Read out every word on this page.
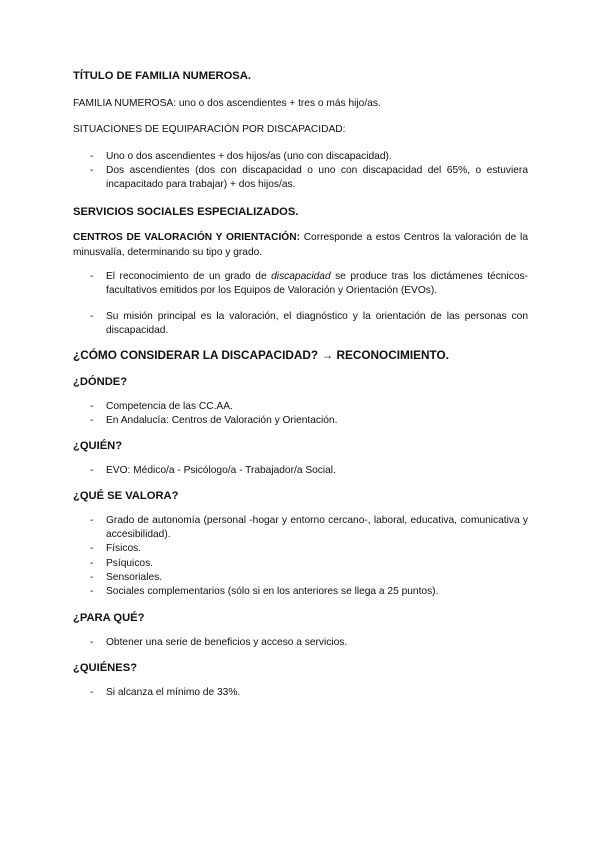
TÍTULO DE FAMILIA NUMEROSA.

FAMILIA NUMEROSA: uno o dos ascendientes + tres o más hijo/as.

SITUACIONES DE EQUIPARACIÓN POR DISCAPACIDAD:

- Uno o dos ascendientes + dos hijos/as (uno con discapacidad).
- Dos ascendientes (dos con discapacidad o uno con discapacidad del 65%, o estuviera incapacitado para trabajar) + dos hijos/as.

SERVICIOS SOCIALES ESPECIALIZADOS.

CENTROS DE VALORACIÓN Y ORIENTACIÓN: Corresponde a estos Centros la valoración de la minusvalía, determinando su tipo y grado.

- El reconocimiento de un grado de discapacidad se produce tras los dictámenes técnicos-facultativos emitidos por los Equipos de Valoración y Orientación (EVOs).
- Su misión principal es la valoración, el diagnóstico y la orientación de las personas con discapacidad.

¿CÓMO CONSIDERAR LA DISCAPACIDAD? → RECONOCIMIENTO.

¿DÓNDE?

- Competencia de las CC.AA.
- En Andalucía: Centros de Valoración y Orientación.

¿QUIÉN?

- EVO: Médico/a - Psicólogo/a - Trabajador/a Social.

¿QUÉ SE VALORA?

- Grado de autonomía (personal -hogar y entorno cercano-, laboral, educativa, comunicativa y accesibilidad).
- Físicos.
- Psíquicos.
- Sensoriales.
- Sociales complementarios (sólo si en los anteriores se llega a 25 puntos).

¿PARA QUÉ?

- Obtener una serie de beneficios y acceso a servicios.

¿QUIÉNES?

- Si alcanza el mínimo de 33%.
